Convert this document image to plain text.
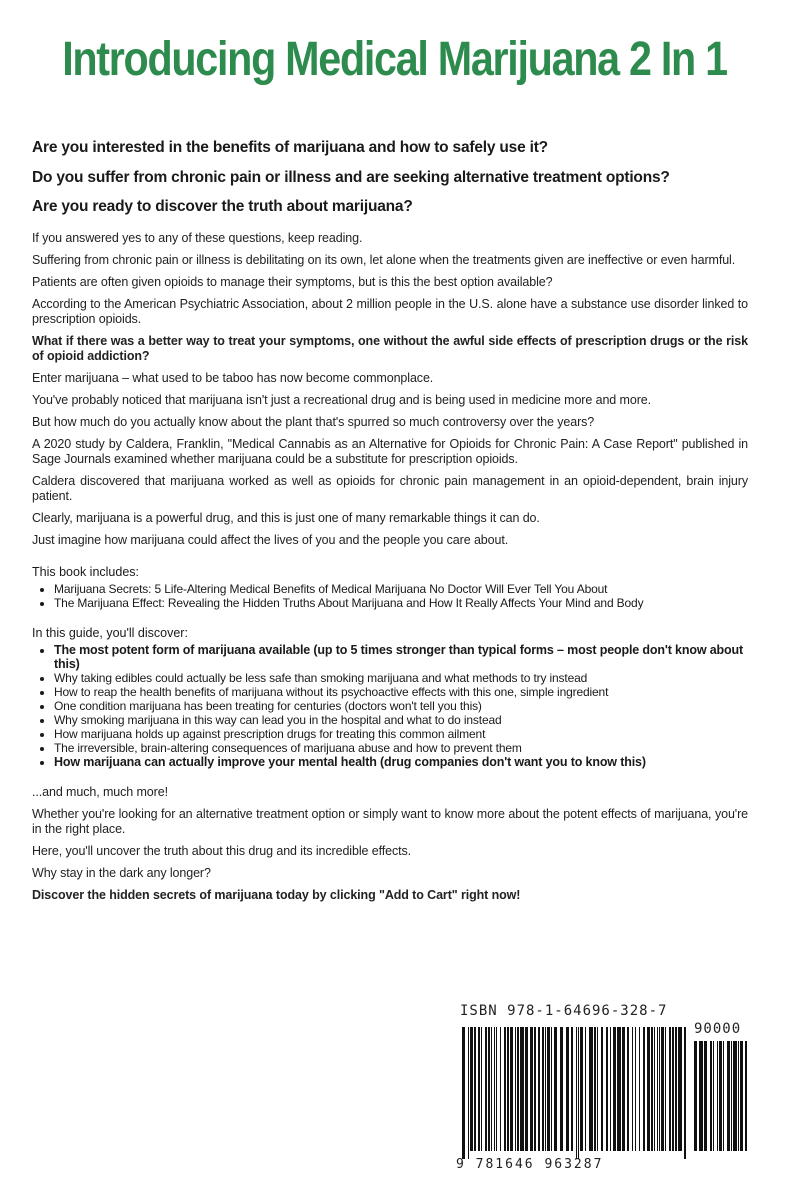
Introducing Medical Marijuana 2 In 1

Are you interested in the benefits of marijuana and how to safely use it?

Do you suffer from chronic pain or illness and are seeking alternative treatment options?

Are you ready to discover the truth about marijuana?

If you answered yes to any of these questions, keep reading.

Suffering from chronic pain or illness is debilitating on its own, let alone when the treatments given are ineffective or even harmful.

Patients are often given opioids to manage their symptoms, but is this the best option available?

According to the American Psychiatric Association, about 2 million people in the U.S. alone have a substance use disorder linked to prescription opioids.

What if there was a better way to treat your symptoms, one without the awful side effects of prescription drugs or the risk of opioid addiction?

Enter marijuana – what used to be taboo has now become commonplace.

You've probably noticed that marijuana isn't just a recreational drug and is being used in medicine more and more.

But how much do you actually know about the plant that's spurred so much controversy over the years?

A 2020 study by Caldera, Franklin, "Medical Cannabis as an Alternative for Opioids for Chronic Pain: A Case Report" published in Sage Journals examined whether marijuana could be a substitute for prescription opioids.

Caldera discovered that marijuana worked as well as opioids for chronic pain management in an opioid-dependent, brain injury patient.

Clearly, marijuana is a powerful drug, and this is just one of many remarkable things it can do.

Just imagine how marijuana could affect the lives of you and the people you care about.

This book includes:

• Marijuana Secrets: 5 Life-Altering Medical Benefits of Medical Marijuana No Doctor Will Ever Tell You About
• The Marijuana Effect: Revealing the Hidden Truths About Marijuana and How It Really Affects Your Mind and Body

In this guide, you'll discover:

• The most potent form of marijuana available (up to 5 times stronger than typical forms – most people don't know about this)
• Why taking edibles could actually be less safe than smoking marijuana and what methods to try instead
• How to reap the health benefits of marijuana without its psychoactive effects with this one, simple ingredient
• One condition marijuana has been treating for centuries (doctors won't tell you this)
• Why smoking marijuana in this way can lead you in the hospital and what to do instead
• How marijuana holds up against prescription drugs for treating this common ailment
• The irreversible, brain-altering consequences of marijuana abuse and how to prevent them
• How marijuana can actually improve your mental health (drug companies don't want you to know this)

...and much, much more!

Whether you're looking for an alternative treatment option or simply want to know more about the potent effects of marijuana, you're in the right place.

Here, you'll uncover the truth about this drug and its incredible effects.

Why stay in the dark any longer?

Discover the hidden secrets of marijuana today by clicking "Add to Cart" right now!

ISBN 978-1-64696-328-7
90000
9 781646 963287
